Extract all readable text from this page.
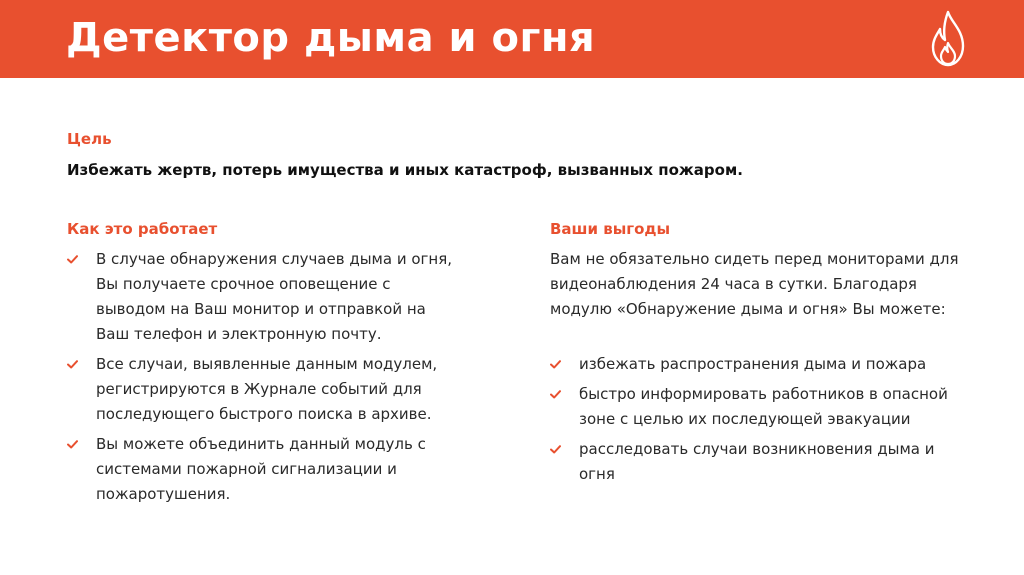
Детектор дыма и огня
Цель
Избежать жертв, потерь имущества и иных катастроф, вызванных пожаром.
Как это работает
В случае обнаружения случаев дыма и огня, Вы получаете срочное оповещение с выводом на Ваш монитор и отправкой на Ваш телефон и электронную почту.
Все случаи, выявленные данным модулем, регистрируются в Журнале событий для последующего быстрого поиска в архиве.
Вы можете объединить данный модуль с системами пожарной сигнализации и пожаротушения.
Ваши выгоды
Вам не обязательно сидеть перед мониторами для видеонаблюдения 24 часа в сутки. Благодаря модулю «Обнаружение дыма и огня» Вы можете:
избежать распространения дыма и пожара
быстро информировать работников в опасной зоне с целью их последующей эвакуации
расследовать случаи возникновения дыма и огня
